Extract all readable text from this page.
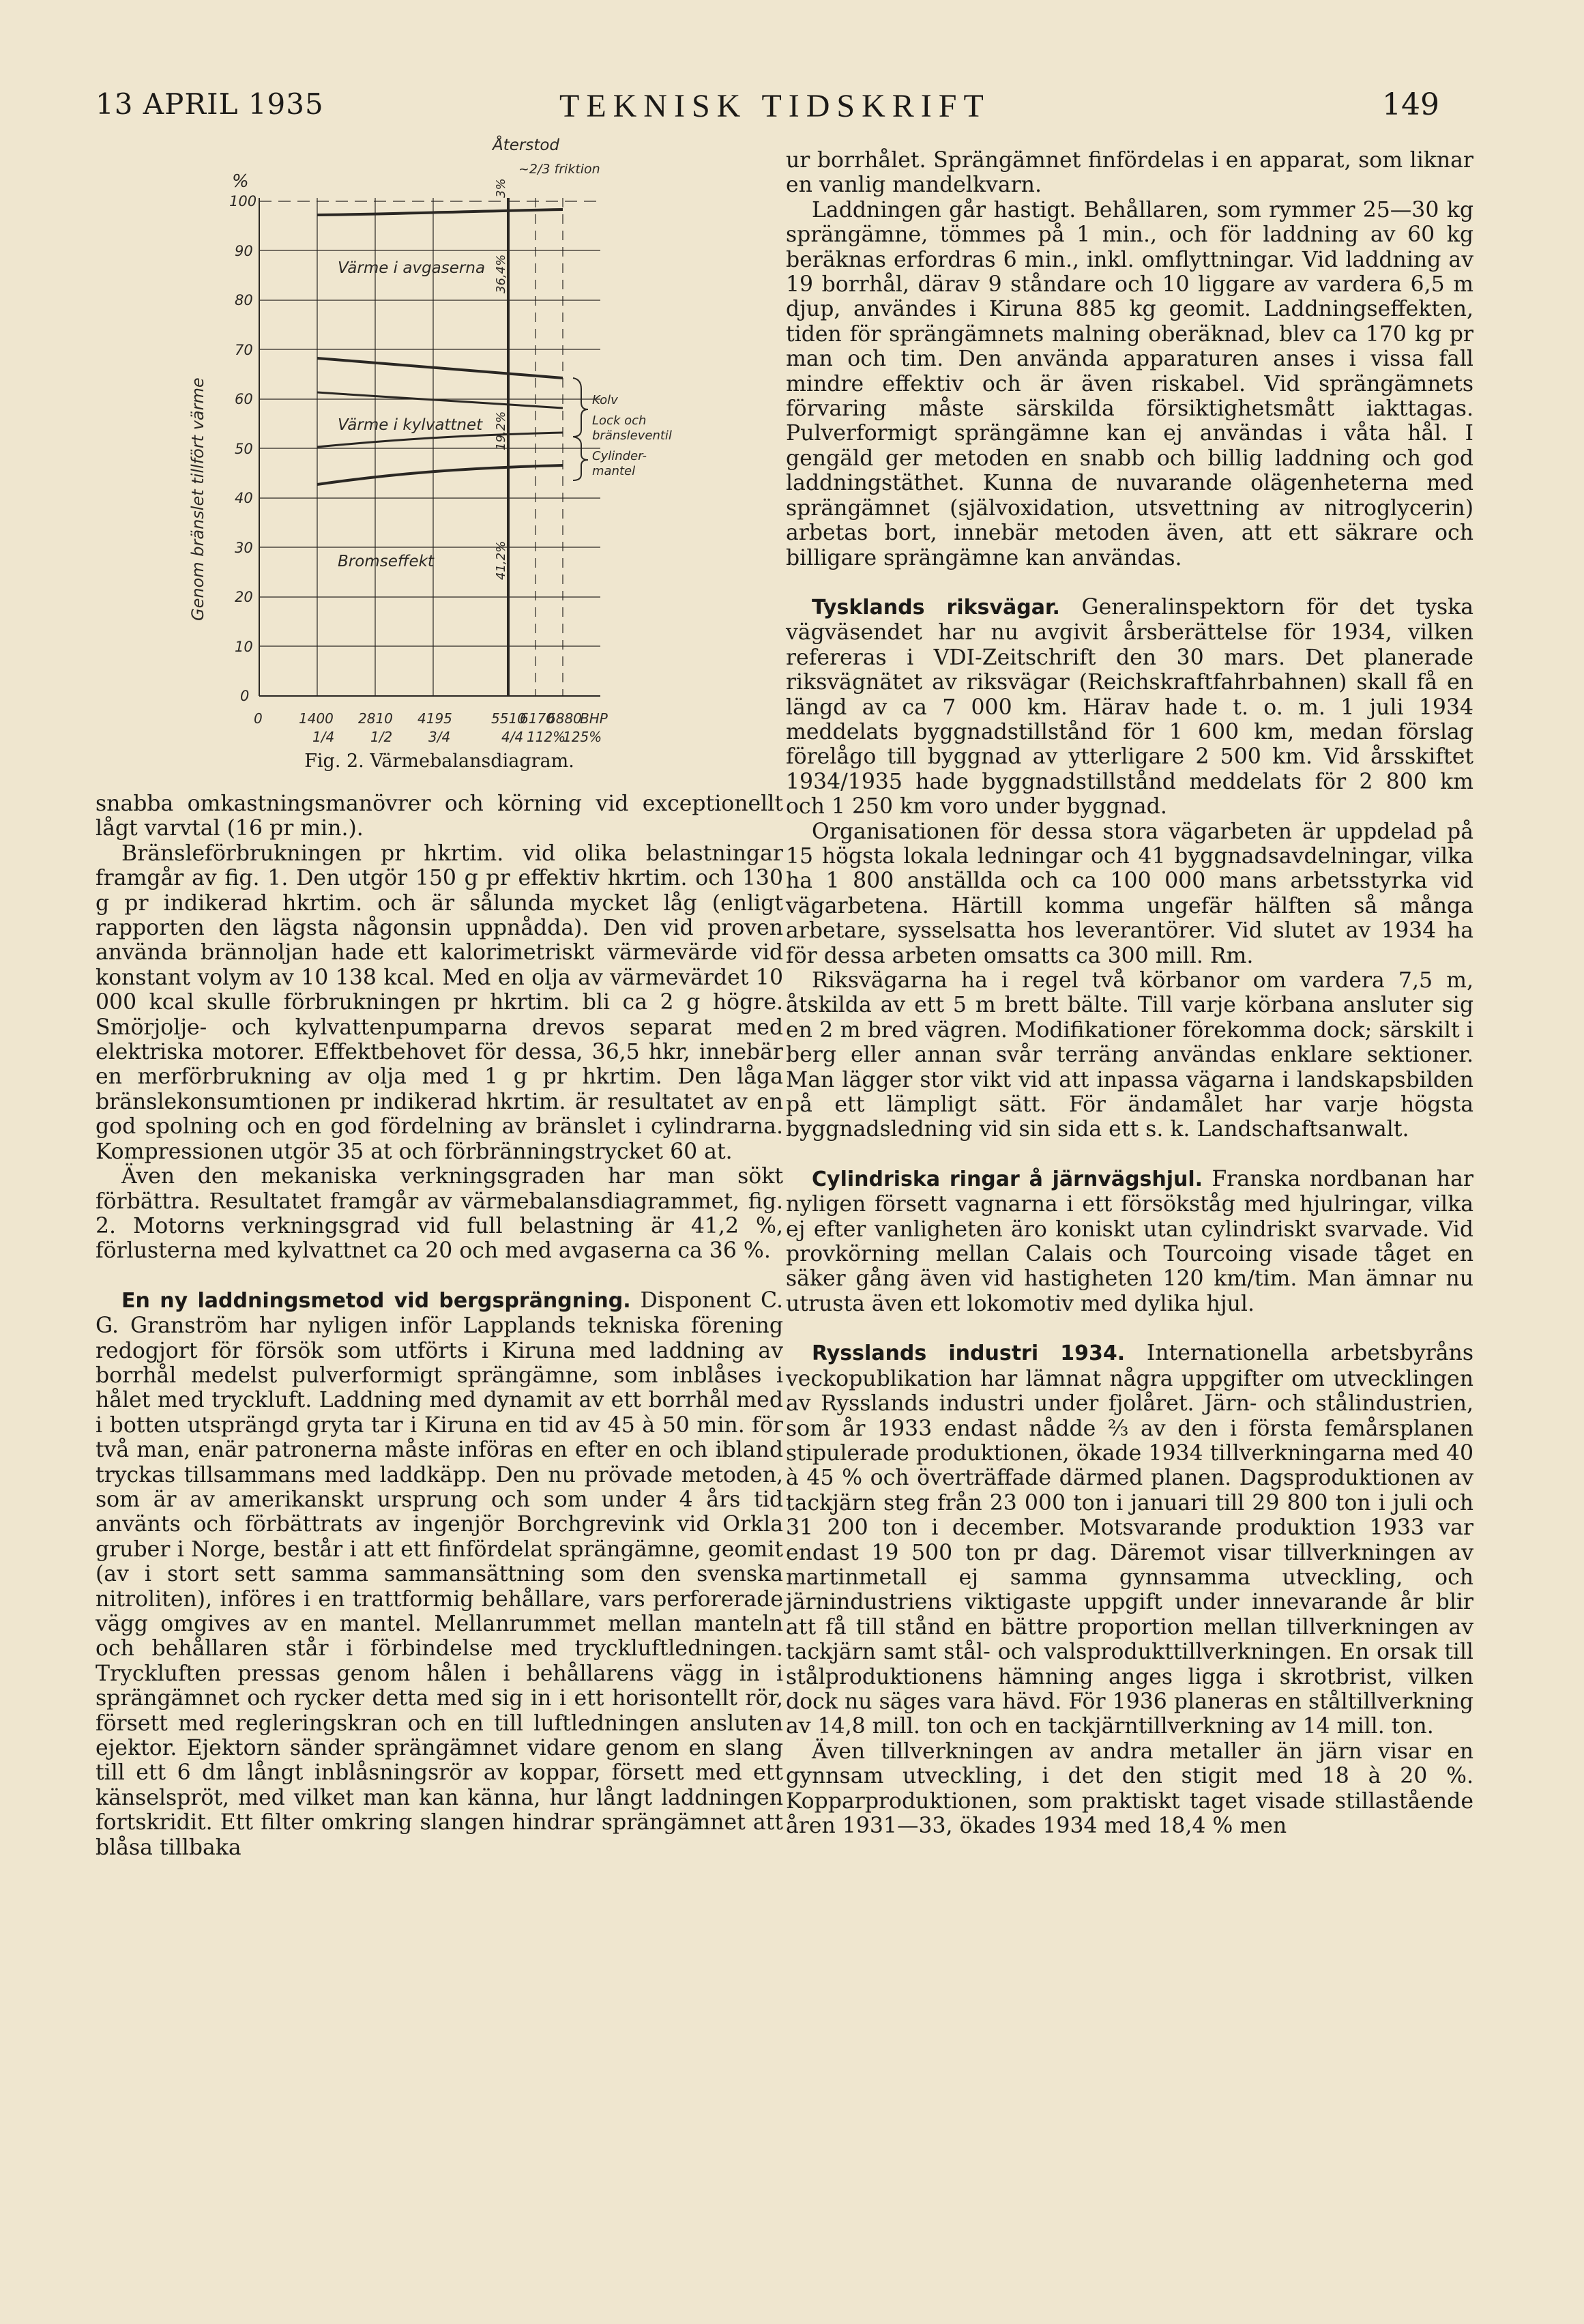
13 APRIL 1935	TEKNISK TIDSKRIFT	149
0
10
20
30
40
50
60
70
80
90
100
%
Genom bränslet tillfört värme
0	1400 2810 4195	5510
6170
6880
BHP
1/4	1/2	3/4	4/4 112%
125%
Återstod
~2/3 friktion
Värme i avgaserna
Värme i kylvattnet
Bromseffekt
Kolv
Lock och
bränsleventil
Cylinder-
mantel
3%
36,4%
19,2%
41,2%
Fig. 2. Värmebalansdiagram.

snabba omkastningsmanövrer och körning vid exceptionellt lågt varvtal (16 pr min.).

Bränsleförbrukningen pr hkrtim. vid olika belastningar framgår av fig. 1. Den utgör 150 g pr effektiv hkrtim. och 130 g pr indikerad hkrtim. och är sålunda mycket låg (enligt rapporten den lägsta någonsin uppnådda). Den vid proven använda brännoljan hade ett kalorimetriskt värmevärde vid konstant volym av 10 138 kcal. Med en olja av värmevärdet 10 000 kcal skulle förbrukningen pr hkrtim. bli ca 2 g högre. Smörjolje- och kylvattenpumparna drevos separat med elektriska motorer. Effektbehovet för dessa, 36,5 hkr, innebär en merförbrukning av olja med 1 g pr hkrtim. Den låga bränslekonsumtionen pr indikerad hkrtim. är resultatet av en god spolning och en god fördelning av bränslet i cylindrarna. Kompressionen utgör 35 at och förbränningstrycket 60 at.

Även den mekaniska verkningsgraden har man sökt förbättra. Resultatet framgår av värmebalansdiagrammet, fig. 2. Motorns verkningsgrad vid full belastning är 41,2 %, förlusterna med kylvattnet ca 20 och med avgaserna ca 36 %.

En ny laddningsmetod vid bergsprängning. Disponent C. G. Granström har nyligen inför Lapplands tekniska förening redogjort för försök som utförts i Kiruna med laddning av borrhål medelst pulverformigt sprängämne, som inblåses i hålet med tryckluft. Laddning med dynamit av ett borrhål med i botten utsprängd gryta tar i Kiruna en tid av 45 à 50 min. för två man, enär patronerna måste införas en efter en och ibland tryckas tillsammans med laddkäpp. Den nu prövade metoden, som är av amerikanskt ursprung och som under 4 års tid använts och förbättrats av ingenjör Borchgrevink vid Orkla gruber i Norge, består i att ett finfördelat sprängämne, geomit (av i stort sett samma sammansättning som den svenska nitroliten), införes i en trattformig behållare, vars perforerade vägg omgives av en mantel. Mellanrummet mellan manteln och behållaren står i förbindelse med tryckluftledningen. Tryckluften pressas genom hålen i behållarens vägg in i sprängämnet och rycker detta med sig in i ett horisontellt rör, försett med regleringskran och en till luftledningen ansluten ejektor. Ejektorn sänder sprängämnet vidare genom en slang till ett 6 dm långt inblåsningsrör av koppar, försett med ett känselspröt, med vilket man kan känna, hur långt laddningen fortskridit. Ett filter omkring slangen hindrar sprängämnet att blåsa tillbaka

ur borrhålet. Sprängämnet finfördelas i en apparat, som liknar en vanlig mandelkvarn.

Laddningen går hastigt. Behållaren, som rymmer 25—30 kg sprängämne, tömmes på 1 min., och för laddning av 60 kg beräknas erfordras 6 min., inkl. omflyttningar. Vid laddning av 19 borrhål, därav 9 ståndare och 10 liggare av vardera 6,5 m djup, användes i Kiruna 885 kg geomit. Laddningseffekten, tiden för sprängämnets malning oberäknad, blev ca 170 kg pr man och tim. Den använda apparaturen anses i vissa fall mindre effektiv och är även riskabel. Vid sprängämnets förvaring måste särskilda försiktighetsmått iakttagas. Pulverformigt sprängämne kan ej användas i våta hål. I gengäld ger metoden en snabb och billig laddning och god laddningstäthet. Kunna de nuvarande olägenheterna med sprängämnet (självoxidation, utsvettning av nitroglycerin) arbetas bort, innebär metoden även, att ett säkrare och billigare sprängämne kan användas.

Tysklands riksvägar. Generalinspektorn för det tyska vägväsendet har nu avgivit årsberättelse för 1934, vilken refereras i VDI-Zeitschrift den 30 mars. Det planerade riksvägnätet av riksvägar (Reichskraftfahrbahnen) skall få en längd av ca 7 000 km. Härav hade t. o. m. 1 juli 1934 meddelats byggnadstillstånd för 1 600 km, medan förslag förelågo till byggnad av ytterligare 2 500 km. Vid årsskiftet 1934/1935 hade byggnadstillstånd meddelats för 2 800 km och 1 250 km voro under byggnad.

Organisationen för dessa stora vägarbeten är uppdelad på 15 högsta lokala ledningar och 41 byggnadsavdelningar, vilka ha 1 800 anställda och ca 100 000 mans arbetsstyrka vid vägarbetena. Härtill komma ungefär hälften så många arbetare, sysselsatta hos leverantörer. Vid slutet av 1934 ha för dessa arbeten omsatts ca 300 mill. Rm.

Riksvägarna ha i regel två körbanor om vardera 7,5 m, åtskilda av ett 5 m brett bälte. Till varje körbana ansluter sig en 2 m bred vägren. Modifikationer förekomma dock; särskilt i berg eller annan svår terräng användas enklare sektioner. Man lägger stor vikt vid att inpassa vägarna i landskapsbilden på ett lämpligt sätt. För ändamålet har varje högsta byggnadsledning vid sin sida ett s. k. Landschaftsanwalt.

Cylindriska ringar å järnvägshjul. Franska nordbanan har nyligen försett vagnarna i ett försökståg med hjulringar, vilka ej efter vanligheten äro koniskt utan cylindriskt svarvade. Vid provkörning mellan Calais och Tourcoing visade tåget en säker gång även vid hastigheten 120 km/tim. Man ämnar nu utrusta även ett lokomotiv med dylika hjul.

Rysslands industri 1934. Internationella arbetsbyråns veckopublikation har lämnat några uppgifter om utvecklingen av Rysslands industri under fjolåret. Järn- och stålindustrien, som år 1933 endast nådde ⅔ av den i första femårsplanen stipulerade produktionen, ökade 1934 tillverkningarna med 40 à 45 % och överträffade därmed planen. Dagsproduktionen av tackjärn steg från 23 000 ton i januari till 29 800 ton i juli och 31 200 ton i december. Motsvarande produktion 1933 var endast 19 500 ton pr dag. Däremot visar tillverkningen av martinmetall ej samma gynnsamma utveckling, och järnindustriens viktigaste uppgift under innevarande år blir att få till stånd en bättre proportion mellan tillverkningen av tackjärn samt stål- och valsprodukttillverkningen. En orsak till stålproduktionens hämning anges ligga i skrotbrist, vilken dock nu säges vara hävd. För 1936 planeras en ståltillverkning av 14,8 mill. ton och en tackjärntillverkning av 14 mill. ton.

Även tillverkningen av andra metaller än järn visar en gynnsam utveckling, i det den stigit med 18 à 20 %. Kopparproduktionen, som praktiskt taget visade stillastående åren 1931—33, ökades 1934 med 18,4 % men
